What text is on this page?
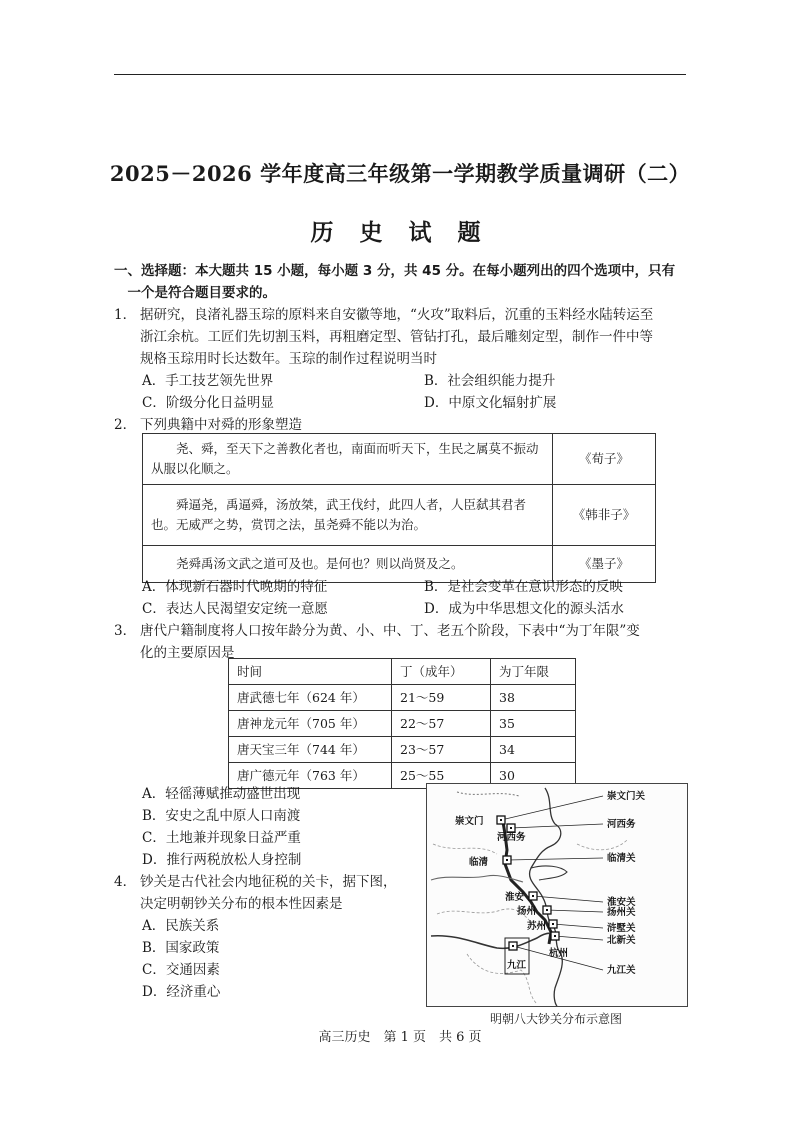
2025－2026 学年度高三年级第一学期教学质量调研（二）
历 史 试 题
一、选择题：本大题共 15 小题，每小题 3 分，共 45 分。在每小题列出的四个选项中，只有
　一个是符合题目要求的。
1． 据研究，良渚礼器玉琮的原料来自安徽等地，“火攻”取料后，沉重的玉料经水陆转运至
浙江余杭。工匠们先切割玉料，再粗磨定型、管钻打孔，最后雕刻定型，制作一件中等
规格玉琮用时长达数年。玉琮的制作过程说明当时
A．手工技艺领先世界	B．社会组织能力提升
C．阶级分化日益明显	D．中原文化辐射扩展
2． 下列典籍中对舜的形象塑造
尧、舜，至天下之善教化者也，南面而听天下，生民之属莫不振动从服以化顺之。	《荀子》
舜逼尧，禹逼舜，汤放桀，武王伐纣，此四人者，人臣弑其君者也。无威严之势，赏罚之法，虽尧舜不能以为治。	《韩非子》
尧舜禹汤文武之道可及也。是何也？则以尚贤及之。	《墨子》
A．体现新石器时代晚期的特征	B．是社会变革在意识形态的反映
C．表达人民渴望安定统一意愿	D．成为中华思想文化的源头活水
3． 唐代户籍制度将人口按年龄分为黄、小、中、丁、老五个阶段，下表中“为丁年限”变
化的主要原因是
时间	丁（成年）	为丁年限
唐武德七年（624 年）	21～59	38
唐神龙元年（705 年）	22～57	35
唐天宝三年（744 年）	23～57	34
唐广德元年（763 年）	25～55	30
A．轻徭薄赋推动盛世出现
B．安史之乱中原人口南渡
C．土地兼并现象日益严重
D．推行两税放松人身控制
4． 钞关是古代社会内地征税的关卡，据下图，
决定明朝钞关分布的根本性因素是
A．民族关系
B．国家政策
C．交通因素
D．经济重心
崇文门
河西务
临清
淮安
扬州
苏州
杭州
九江
崇文门关
河西务
临清关
淮安关
扬州关
浒墅关
北新关
九江关
明朝八大钞关分布示意图
高三历史　第 1 页　共 6 页
